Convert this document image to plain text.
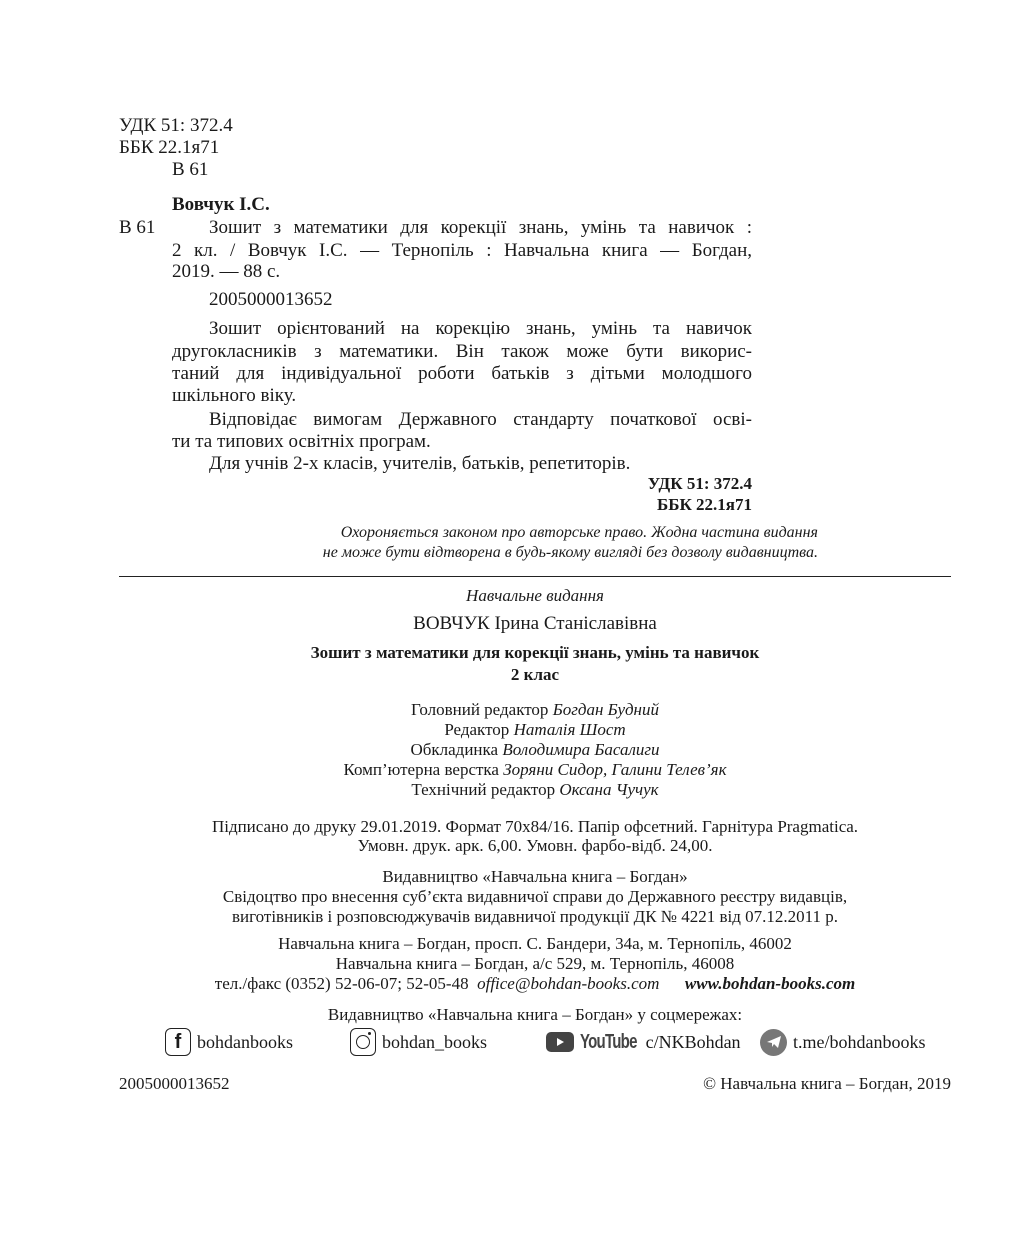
УДК 51: 372.4
ББК 22.1я71
В 61
Вовчук І.С.
В 61	Зошит з математики для корекції знань, умінь та навичок :
2 кл. / Вовчук І.С. — Тернопіль : Навчальна книга — Богдан,
2019. — 88 с.
2005000013652
Зошит орієнтований на корекцію знань, умінь та навичок
другокласників з математики. Він також може бути викорис-
таний для індивідуальної роботи батьків з дітьми молодшого
шкільного віку.
Відповідає вимогам Державного стандарту початкової осві-
ти та типових освітніх програм.
Для учнів 2-х класів, учителів, батьків, репетиторів.
УДК 51: 372.4
ББК 22.1я71
Охороняється законом про авторське право. Жодна частина видання
не може бути відтворена в будь-якому вигляді без дозволу видавництва.
Навчальне видання
ВОВЧУК Ірина Станіславівна
Зошит з математики для корекції знань, умінь та навичок
2 клас
Головний редактор Богдан Будний
Редактор Наталія Шост
Обкладинка Володимира Басалиги
Комп’ютерна верстка Зоряни Сидор, Галини Телев’як
Технічний редактор Оксана Чучук
Підписано до друку 29.01.2019. Формат 70х84/16. Папір офсетний. Гарнітура Pragmatica.
Умовн. друк. арк. 6,00. Умовн. фарбо-відб. 24,00.
Видавництво «Навчальна книга – Богдан»
Свідоцтво про внесення суб’єкта видавничої справи до Державного реєстру видавців,
виготівників і розповсюджувачів видавничої продукції ДК № 4221 від 07.12.2011 р.
Навчальна книга – Богдан, просп. С. Бандери, 34а, м. Тернопіль, 46002
Навчальна книга – Богдан, а/с 529, м. Тернопіль, 46008
тел./факс (0352) 52-06-07; 52-05-48 office@bohdan-books.com www.bohdan-books.com
Видавництво «Навчальна книга – Богдан» у соцмережах:
f bohdanbooks	bohdan_books	YouTube c/NKBohdan	t.me/bohdanbooks
2005000013652	© Навчальна книга – Богдан, 2019
